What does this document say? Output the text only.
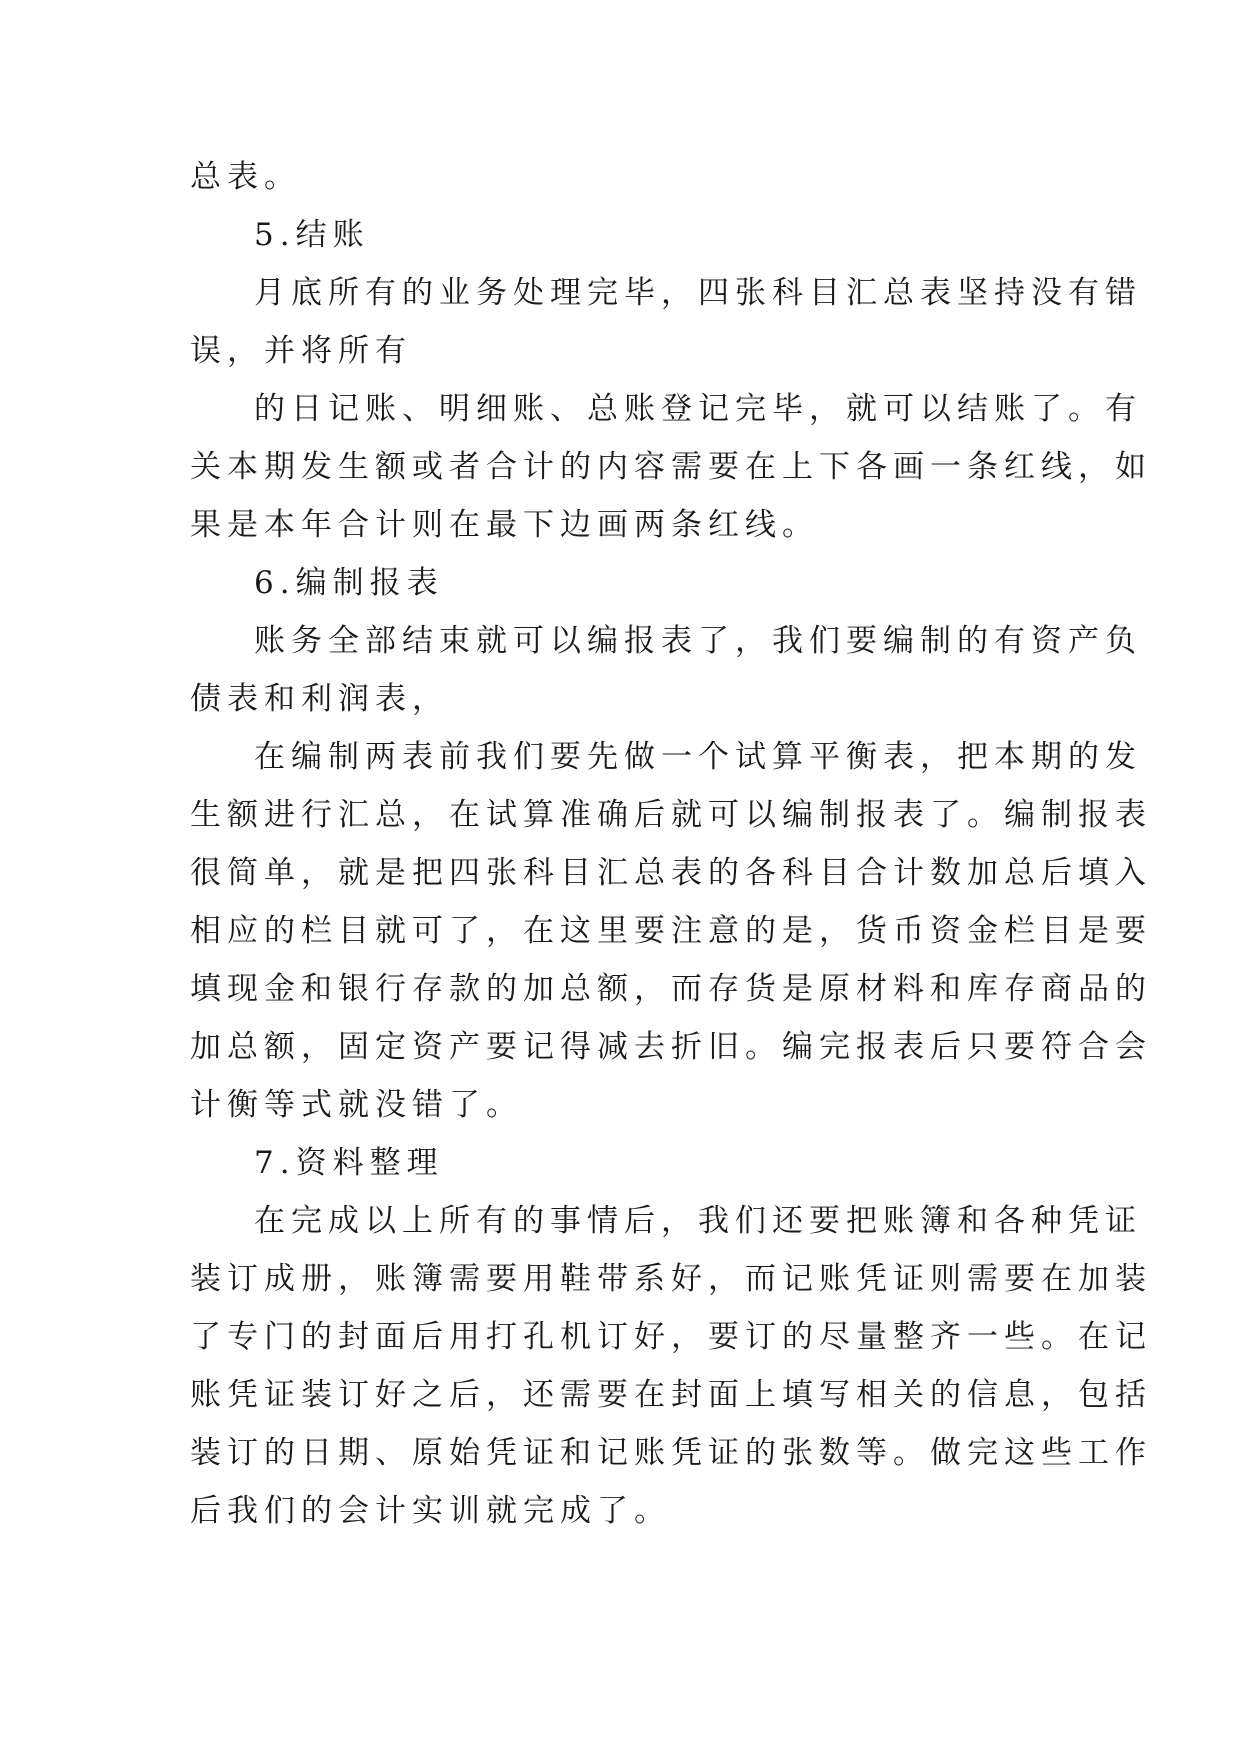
总表。

5.结账

月底所有的业务处理完毕，四张科目汇总表坚持没有错

误，并将所有

的日记账、明细账、总账登记完毕，就可以结账了。有

关本期发生额或者合计的内容需要在上下各画一条红线，如

果是本年合计则在最下边画两条红线。

6.编制报表

账务全部结束就可以编报表了，我们要编制的有资产负

债表和利润表，

在编制两表前我们要先做一个试算平衡表，把本期的发

生额进行汇总，在试算准确后就可以编制报表了。编制报表

很简单，就是把四张科目汇总表的各科目合计数加总后填入

相应的栏目就可了，在这里要注意的是，货币资金栏目是要

填现金和银行存款的加总额，而存货是原材料和库存商品的

加总额，固定资产要记得减去折旧。编完报表后只要符合会

计衡等式就没错了。

7.资料整理

在完成以上所有的事情后，我们还要把账簿和各种凭证

装订成册，账簿需要用鞋带系好，而记账凭证则需要在加装

了专门的封面后用打孔机订好，要订的尽量整齐一些。在记

账凭证装订好之后，还需要在封面上填写相关的信息，包括

装订的日期、原始凭证和记账凭证的张数等。做完这些工作

后我们的会计实训就完成了。
